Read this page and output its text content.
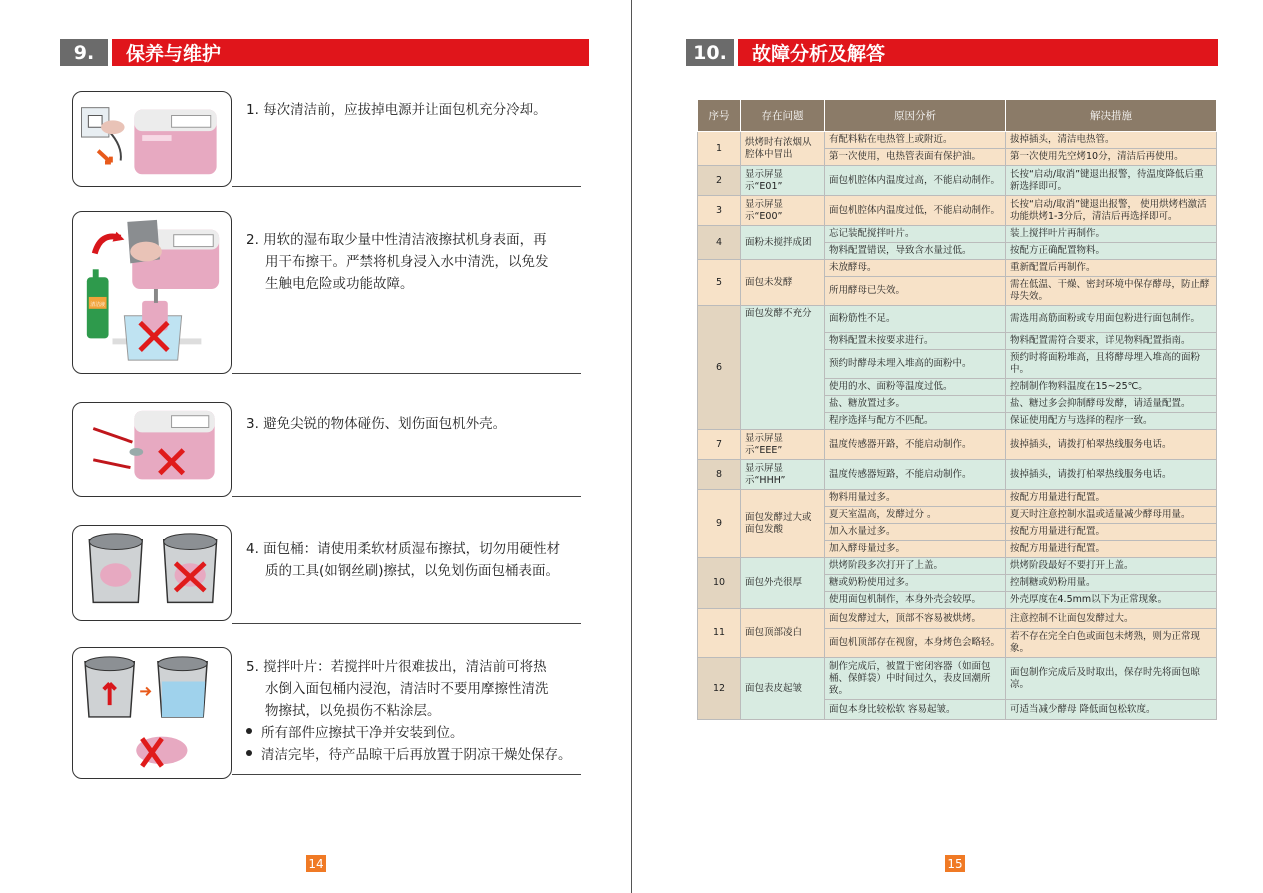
9.	保养与维护

1. 每次清洁前，应拔掉电源并让面包机充分冷却。

清洁液

2. 用软的湿布取少量中性清洁液擦拭机身表面，再

用干布擦干。严禁将机身浸入水中清洗，以免发

生触电危险或功能故障。

3. 避免尖锐的物体碰伤、划伤面包机外壳。

4. 面包桶：请使用柔软材质湿布擦拭，切勿用硬性材

质的工具(如钢丝刷)擦拭，以免划伤面包桶表面。

5. 搅拌叶片：若搅拌叶片很难拔出，清洁前可将热

水倒入面包桶内浸泡，清洁时不要用摩擦性清洗

物擦拭，以免损伤不粘涂层。

所有部件应擦拭干净并安装到位。
清洁完毕，待产品晾干后再放置于阴凉干燥处保存。
14
10.	故障分析及解答
序号	存在问题	原因分析	解决措施
1	烘烤时有浓烟从腔体中冒出	有配料粘在电热管上或附近。	拔掉插头，清洁电热管。
		第一次使用，电热管表面有保护油。	第一次使用先空烤10分，清洁后再使用。
2	显示屏显示“E01”	面包机腔体内温度过高，不能启动制作。	长按“启动/取消”键退出报警，待温度降低后重新选择即可。
3	显示屏显示“E00”	面包机腔体内温度过低，不能启动制作。	长按“启动/取消”键退出报警， 使用烘烤档激活功能烘烤1-3分后，清洁后再选择即可。
4	面粉未搅拌成团	忘记装配搅拌叶片。	装上搅拌叶片再制作。
		物料配置错误，导致含水量过低。	按配方正确配置物料。
5	面包未发酵	未放酵母。	重新配置后再制作。
		所用酵母已失效。	需在低温、干燥、密封环境中保存酵母，防止酵母失效。
6	面包发酵不充分	面粉筋性不足。	需选用高筋面粉或专用面包粉进行面包制作。
		物料配置未按要求进行。	物料配置需符合要求，详见物料配置指南。
		预约时酵母未埋入堆高的面粉中。	预约时将面粉堆高，且将酵母埋入堆高的面粉中。
		使用的水、面粉等温度过低。	控制制作物料温度在15~25℃。
		盐、糖放置过多。	盐、糖过多会抑制酵母发酵，请适量配置。
		程序选择与配方不匹配。	保证使用配方与选择的程序一致。
7	显示屏显示“EEE”	温度传感器开路，不能启动制作。	拔掉插头，请拨打柏翠热线服务电话。
8	显示屏显示“HHH”	温度传感器短路，不能启动制作。	拔掉插头，请拨打柏翠热线服务电话。
9	面包发酵过大或面包发酸	物料用量过多。	按配方用量进行配置。
		夏天室温高，发酵过分 。	夏天时注意控制水温或适量减少酵母用量。
		加入水量过多。	按配方用量进行配置。
		加入酵母量过多。	按配方用量进行配置。
10	面包外壳很厚	烘烤阶段多次打开了上盖。	烘烤阶段最好不要打开上盖。
		糖或奶粉使用过多。	控制糖或奶粉用量。
		使用面包机制作，本身外壳会较厚。	外壳厚度在4.5mm以下为正常现象。
11	面包顶部凌白	面包发酵过大，顶部不容易被烘烤。	注意控制不让面包发酵过大。
		面包机顶部存在视窗，本身烤色会略轻。	若不存在完全白色或面包未烤熟，则为正常现象。
12	面包表皮起皱	制作完成后，被置于密闭容器（如面包桶、保鲜袋）中时间过久，表皮回潮所致。	面包制作完成后及时取出，保存时先将面包晾凉。
		面包本身比较松软 容易起皱。	可适当减少酵母 降低面包松软度。
15
